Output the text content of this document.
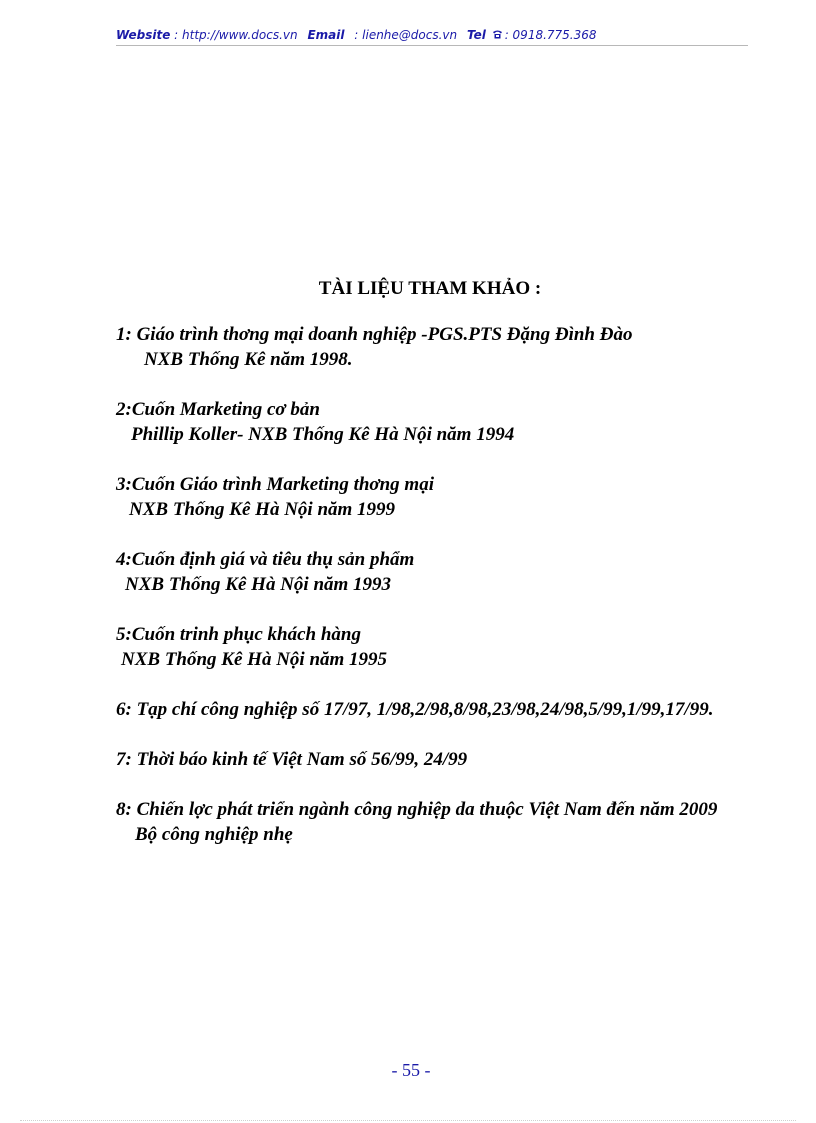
Website : http://www.docs.vn Email : lienhe@docs.vn Tel : 0918.775.368
TÀI LIỆU THAM KHẢO :
1: Giáo trình thơng mại doanh nghiệp -PGS.PTS Đặng Đình Đào
NXB Thống Kê năm 1998.
2:Cuốn Marketing cơ bản
Phillip Koller- NXB Thống Kê Hà Nội năm 1994
3:Cuốn Giáo trình Marketing thơng mại
NXB Thống Kê Hà Nội năm 1999
4:Cuốn định giá và tiêu thụ sản phẩm
NXB Thống Kê Hà Nội năm 1993
5:Cuốn trinh phục khách hàng
NXB Thống Kê Hà Nội năm 1995
6: Tạp chí công nghiệp số 17/97, 1/98,2/98,8/98,23/98,24/98,5/99,1/99,17/99.
7: Thời báo kinh tế Việt Nam số 56/99, 24/99
8: Chiến lợc phát triển ngành công nghiệp da thuộc Việt Nam đến năm 2009
Bộ công nghiệp nhẹ
- 55 -
